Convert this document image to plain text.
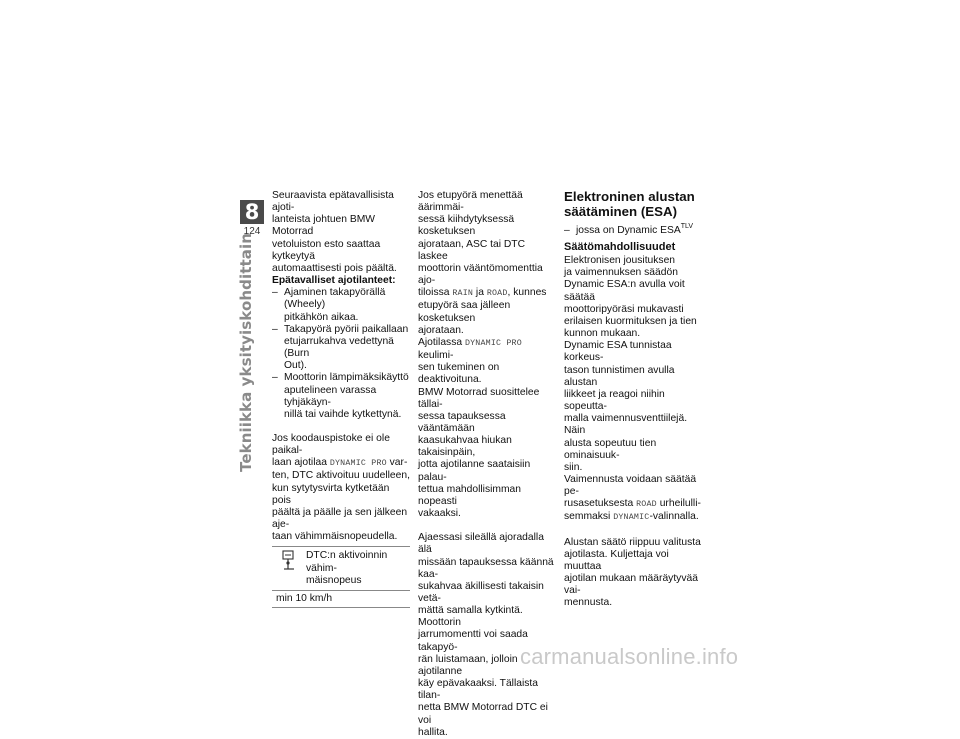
8
124
Tekniikka yksityiskohdittain

Seuraavista epätavallisista ajoti-
lanteista johtuen BMW Motorrad
vetoluiston esto saattaa kytkeytyä
automaattisesti pois päältä.

Epätavalliset ajotilanteet:

– Ajaminen takapyörällä (Wheely)
pitkähkön aikaa.
– Takapyörä pyörii paikallaan
etujarrukahva vedettynä (Burn
Out).
– Moottorin lämpimäksikäyttö
aputelineen varassa tyhjäkäyn-
nillä tai vaihde kytkettynä.

Jos koodauspistoke ei ole paikal-
laan ajotilaa DYNAMIC PRO var-
ten, DTC aktivoituu uudelleen,
kun sytytysvirta kytketään pois
päältä ja päälle ja sen jälkeen aje-
taan vähimmäisnopeudella.

DTC:n aktivoinnin vähim-
mäisnopeus
min 10 km/h

Jos etupyörä menettää äärimmäi-
sessä kiihdytyksessä kosketuksen
ajorataan, ASC tai DTC laskee
moottorin vääntömomenttia ajo-
tiloissa RAIN ja ROAD, kunnes
etupyörä saa jälleen kosketuksen
ajorataan.

Ajotilassa DYNAMIC PRO keulimi-
sen tukeminen on deaktivoituna.
BMW Motorrad suosittelee tällai-
sessa tapauksessa vääntämään
kaasukahvaa hiukan takaisinpäin,
jotta ajotilanne saataisiin palau-
tettua mahdollisimman nopeasti
vakaaksi.

Ajaessasi sileällä ajoradalla älä
missään tapauksessa käännä kaa-
sukahvaa äkillisesti takaisin vetä-
mättä samalla kytkintä. Moottorin
jarrumomentti voi saada takapyö-
rän luistamaan, jolloin ajotilanne
käy epävakaaksi. Tällaista tilan-
netta BMW Motorrad DTC ei voi
hallita.

Elektroninen alustan
säätäminen (ESA)
– jossa on Dynamic $ESA^{TLV}$
Säätömahdollisuudet

Elektronisen jousituksen
ja vaimennuksen säädön
Dynamic ESA:n avulla voit säätää
moottoripyöräsi mukavasti
erilaisen kuormituksen ja tien
kunnon mukaan.

Dynamic ESA tunnistaa korkeus-
tason tunnistimen avulla alustan
liikkeet ja reagoi niihin sopeutta-
malla vaimennusventtiilejä. Näin
alusta sopeutuu tien ominaisuuk-
siin.

Vaimennusta voidaan säätää pe-
rusasetuksesta ROAD urheilulli-
semmaksi DYNAMIC-valinnalla.

Alustan säätö riippuu valitusta
ajotilasta. Kuljettaja voi muuttaa
ajotilan mukaan määräytyvää vai-
mennusta.

carmanualsonline.info
